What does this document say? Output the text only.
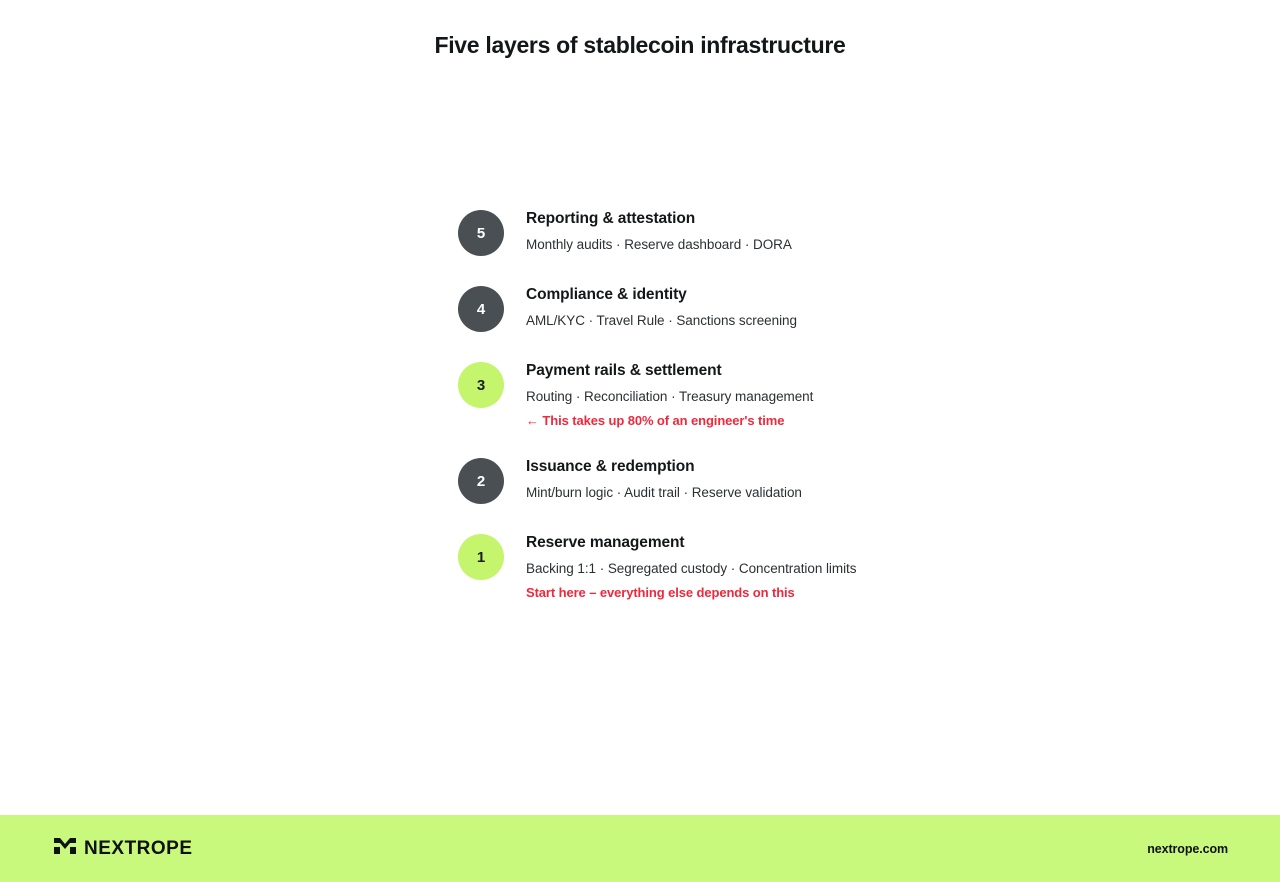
Five layers of stablecoin infrastructure
5
Reporting & attestation
Monthly audits · Reserve dashboard · DORA
4
Compliance & identity
AML/KYC · Travel Rule · Sanctions screening
3
Payment rails & settlement
Routing · Reconciliation · Treasury management
← This takes up 80% of an engineer's time
2
Issuance & redemption
Mint/burn logic · Audit trail · Reserve validation
1
Reserve management
Backing 1:1 · Segregated custody · Concentration limits
Start here – everything else depends on this
NEXTROPE	nextrope.com
